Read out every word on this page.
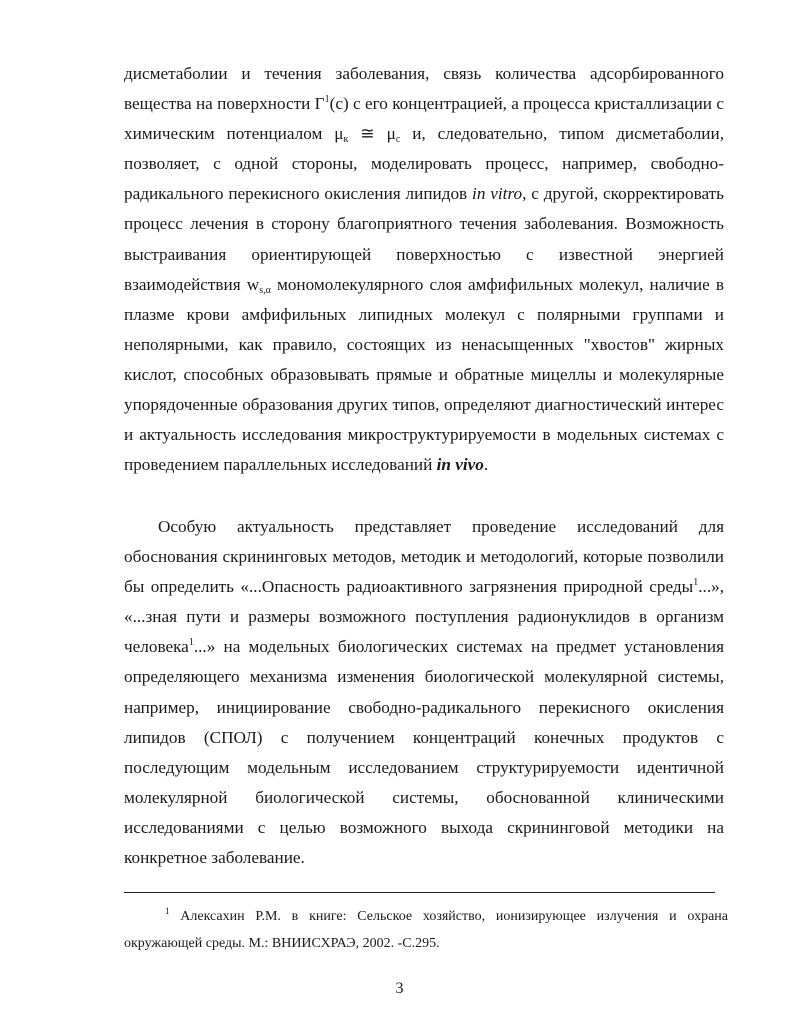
дисметаболии и течения заболевания, связь количества адсорбированного вещества на поверхности $Г^1(с)$ с его концентрацией, а процесса кристаллизации с химическим потенциалом $\mu_к$ ≅ $\mu_с$ и, следовательно, типом дисметаболии, позволяет, с одной стороны, моделировать процесс, например, свободно-радикального перекисного окисления липидов in vitro, с другой, скорректировать процесс лечения в сторону благоприятного течения заболевания. Возможность выстраивания ориентирующей поверхностью с известной энергией взаимодействия $w_{s,\alpha}$ мономолекулярного слоя амфифильных молекул, наличие в плазме крови амфифильных липидных молекул с полярными группами и неполярными, как правило, состоящих из ненасыщенных "хвостов" жирных кислот, способных образовывать прямые и обратные мицеллы и молекулярные упорядоченные образования других типов, определяют диагностический интерес и актуальность исследования микроструктурируемости в модельных системах с проведением параллельных исследований in vivo.

Особую актуальность представляет проведение исследований для обоснования скрининговых методов, методик и методологий, которые позволили бы определить «...Опасность радиоактивного загрязнения природной среды$^1$...», «...зная пути и размеры возможного поступления радионуклидов в организм человека$^1$...» на модельных биологических системах на предмет установления определяющего механизма изменения биологической молекулярной системы, например, инициирование свободно-радикального перекисного окисления липидов (СПОЛ) с получением концентраций конечных продуктов с последующим модельным исследованием структурируемости идентичной молекулярной биологической системы, обоснованной клиническими исследованиями с целью возможного выхода скрининговой методики на конкретное заболевание.

$^1$ Алексахин Р.М. в книге: Сельское хозяйство, ионизирующее излучения и охрана окружающей среды. М.: ВНИИСХРАЭ, 2002. -С.295.

3
